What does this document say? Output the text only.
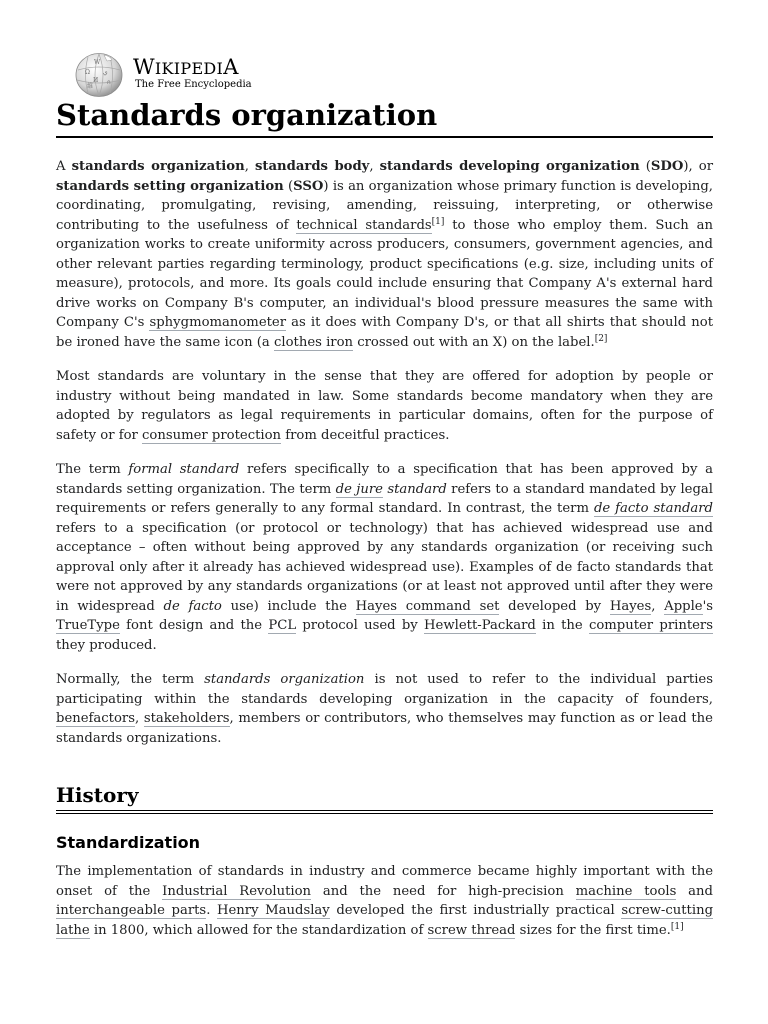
W
Ω ي
И ก
維
WIKIPEDIA
The Free Encyclopedia
Standards organization

A standards organization, standards body, standards developing organization (SDO), or standards setting organization (SSO) is an organization whose primary function is developing, coordinating, promulgating, revising, amending, reissuing, interpreting, or otherwise contributing to the usefulness of technical standards[1] to those who employ them. Such an organization works to create uniformity across producers, consumers, government agencies, and other relevant parties regarding terminology, product specifications (e.g. size, including units of measure), protocols, and more. Its goals could include ensuring that Company A's external hard drive works on Company B's computer, an individual's blood pressure measures the same with Company C's sphygmomanometer as it does with Company D's, or that all shirts that should not be ironed have the same icon (a clothes iron crossed out with an X) on the label.[2]

Most standards are voluntary in the sense that they are offered for adoption by people or industry without being mandated in law. Some standards become mandatory when they are adopted by regulators as legal requirements in particular domains, often for the purpose of safety or for consumer protection from deceitful practices.

The term formal standard refers specifically to a specification that has been approved by a standards setting organization. The term de jure standard refers to a standard mandated by legal requirements or refers generally to any formal standard. In contrast, the term de facto standard refers to a specification (or protocol or technology) that has achieved widespread use and acceptance – often without being approved by any standards organization (or receiving such approval only after it already has achieved widespread use). Examples of de facto standards that were not approved by any standards organizations (or at least not approved until after they were in widespread de facto use) include the Hayes command set developed by Hayes, Apple's TrueType font design and the PCL protocol used by Hewlett-Packard in the computer printers they produced.

Normally, the term standards organization is not used to refer to the individual parties participating within the standards developing organization in the capacity of founders, benefactors, stakeholders, members or contributors, who themselves may function as or lead the standards organizations.

History
Standardization

The implementation of standards in industry and commerce became highly important with the onset of the Industrial Revolution and the need for high-precision machine tools and interchangeable parts. Henry Maudslay developed the first industrially practical screw-cutting lathe in 1800, which allowed for the standardization of screw thread sizes for the first time.[1]
